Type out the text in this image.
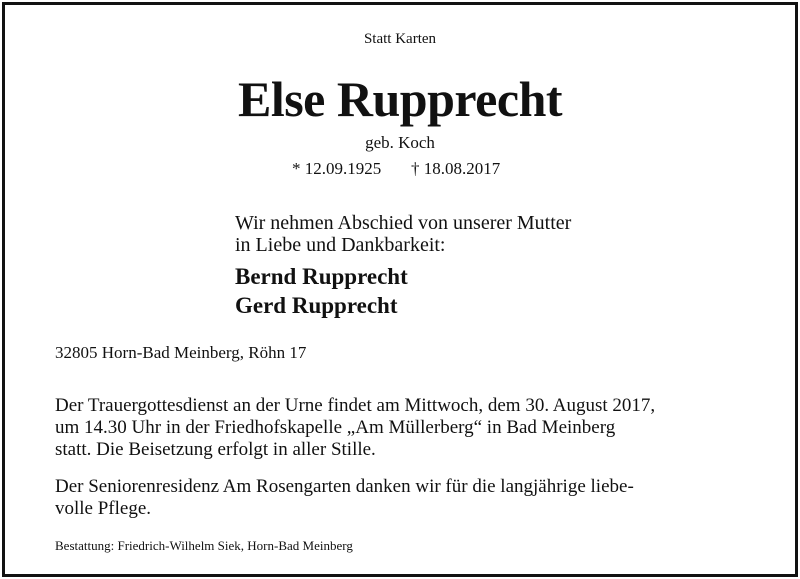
Statt Karten
Else Rupprecht
geb. Koch
* 12.09.1925 † 18.08.2017
Wir nehmen Abschied von unserer Mutter
in Liebe und Dankbarkeit:
Bernd Rupprecht
Gerd Rupprecht
32805 Horn-Bad Meinberg, Röhn 17
Der Trauergottesdienst an der Urne findet am Mittwoch, dem 30. August 2017,
um 14.30 Uhr in der Friedhofskapelle „Am Müllerberg“ in Bad Meinberg
statt. Die Beisetzung erfolgt in aller Stille.
Der Seniorenresidenz Am Rosengarten danken wir für die langjährige liebe-
volle Pflege.
Bestattung: Friedrich-Wilhelm Siek, Horn-Bad Meinberg
